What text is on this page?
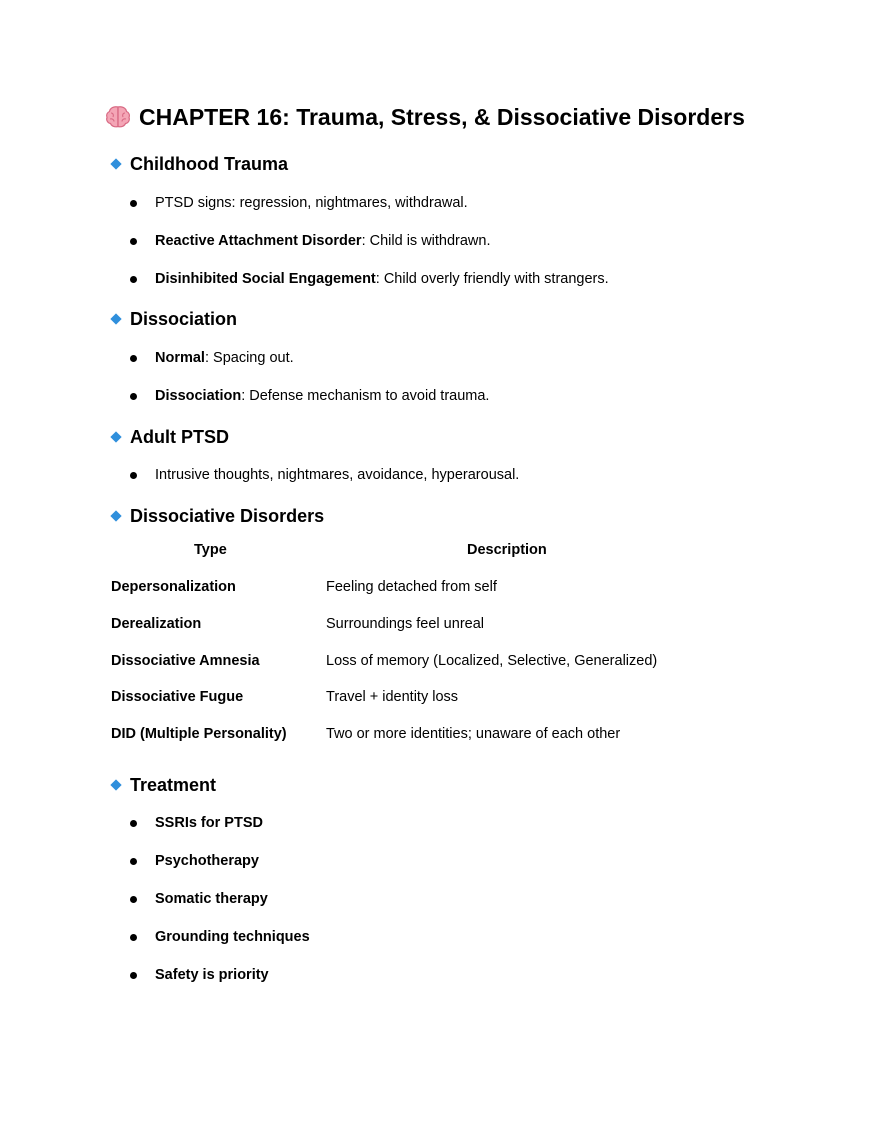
CHAPTER 16: Trauma, Stress, & Dissociative Disorders
Childhood Trauma
PTSD signs: regression, nightmares, withdrawal.
Reactive Attachment Disorder : Child is withdrawn.
Disinhibited Social Engagement : Child overly friendly with strangers.
Dissociation
Normal : Spacing out.
Dissociation : Defense mechanism to avoid trauma.
Adult PTSD
Intrusive thoughts, nightmares, avoidance, hyperarousal.
Dissociative Disorders
Type	Description
Depersonalization	Feeling detached from self
Derealization	Surroundings feel unreal
Dissociative Amnesia	Loss of memory (Localized, Selective, Generalized)
Dissociative Fugue	Travel + identity loss
DID (Multiple Personality)	Two or more identities; unaware of each other
Treatment
SSRIs for PTSD
Psychotherapy
Somatic therapy
Grounding techniques
Safety is priority
